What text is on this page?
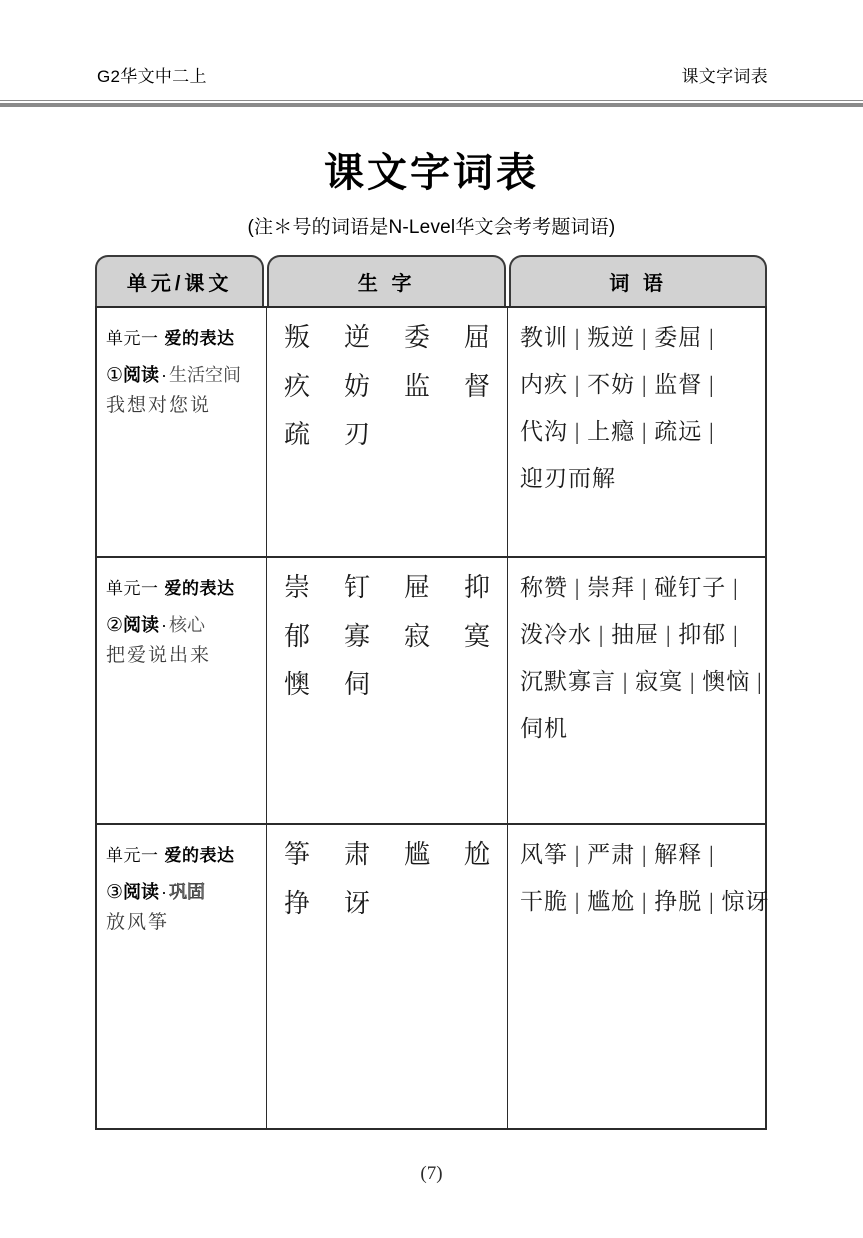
G2华文中二上	课文字词表
课文字词表
(注＊号的词语是N-Level华文会考考题词语)
单元/课文	生 字	词 语
单元一 爱的表达
①阅读 · 生活空间
我想对您说
叛	逆	委	屈
疚	妨	监	督
疏	刃
教训 | 叛逆 | 委屈 |
内疚 | 不妨 | 监督 |
代沟 | 上瘾 | 疏远 |
迎刃而解
单元一 爱的表达
②阅读 · 核心
把爱说出来
崇	钉	屉	抑
郁	寡	寂	寞
懊	伺
称赞 | 崇拜 | 碰钉子 |
泼冷水 | 抽屉 | 抑郁 |
沉默寡言 | 寂寞 | 懊恼 |
伺机
单元一 爱的表达
③阅读 · 巩固
放风筝
筝	肃	尴	尬
挣	讶
风筝 | 严肃 | 解释 |
干脆 | 尴尬 | 挣脱 | 惊讶
(7)
